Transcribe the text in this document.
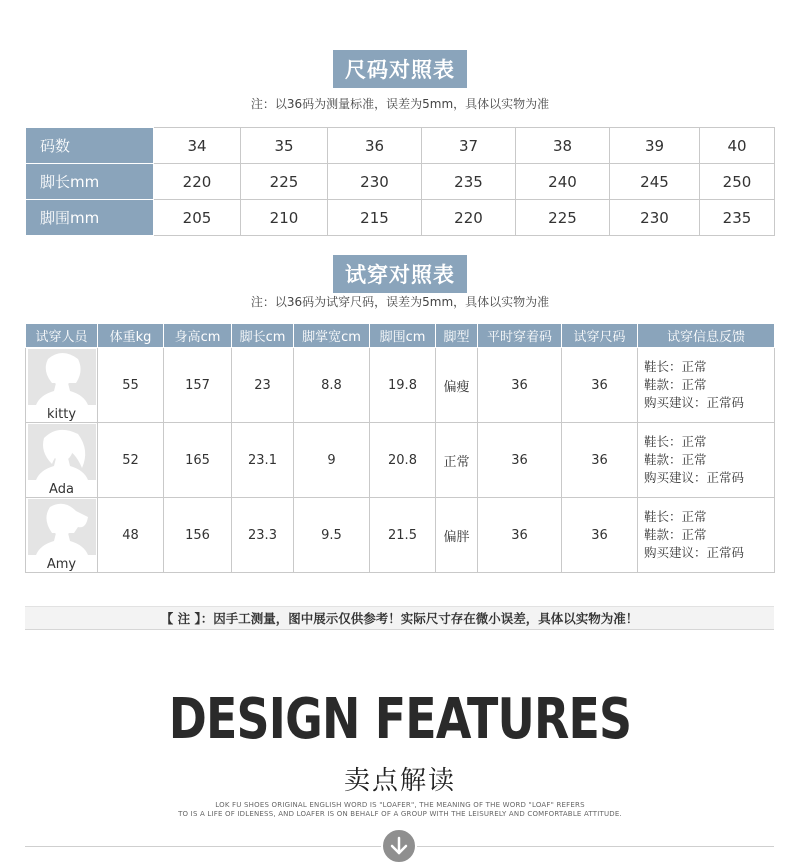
尺码对照表
注：以36码为测量标准，误差为5mm，具体以实物为准
码数	34	35	36	37	38	39	40
脚长mm	220	225	230	235	240	245	250
脚围mm	205	210	215	220	225	230	235
试穿对照表
注：以36码为试穿尺码，误差为5mm，具体以实物为准
试穿人员	体重kg	身高cm	脚长cm	脚掌宽cm	脚围cm	脚型	平时穿着码	试穿尺码	试穿信息反馈

kitty	55	157	23	8.8	19.8	偏瘦	36	36	鞋长：正常
鞋款：正常
购买建议：正常码

Ada	52	165	23.1	9	20.8	正常	36	36	鞋长：正常
鞋款：正常
购买建议：正常码

Amy	48	156	23.3	9.5	21.5	偏胖	36	36	鞋长：正常
鞋款：正常
购买建议：正常码
【 注 】：因手工测量，图中展示仅供参考！实际尺寸存在微小误差，具体以实物为准！
DESIGN FEATURES
卖点解读
LOK FU SHOES ORIGINAL ENGLISH WORD IS "LOAFER", THE MEANING OF THE WORD "LOAF" REFERS
TO IS A LIFE OF IDLENESS, AND LOAFER IS ON BEHALF OF A GROUP WITH THE LEISURELY AND COMFORTABLE ATTITUDE.
